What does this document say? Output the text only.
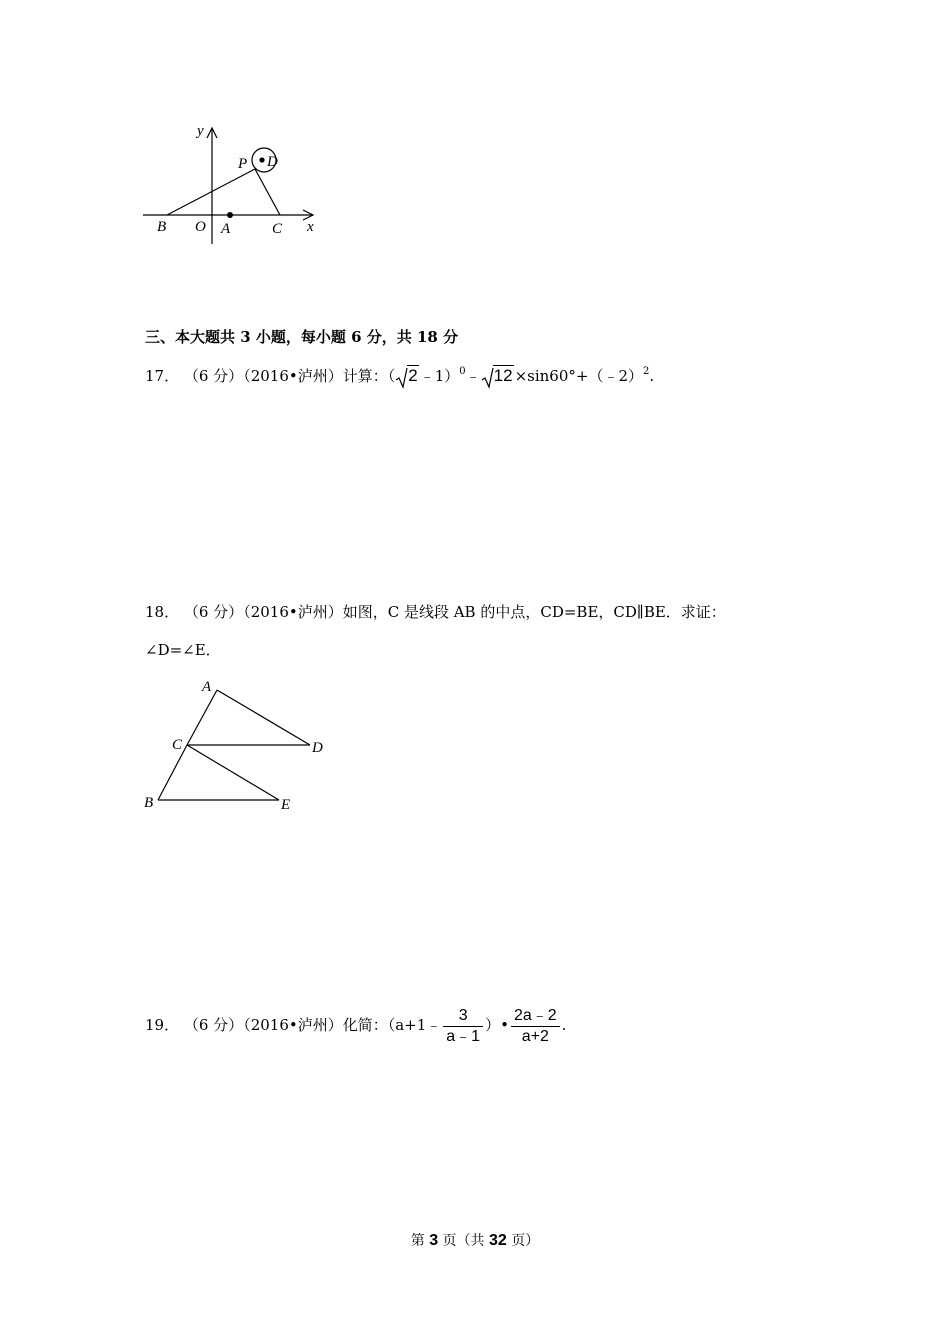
y
x
P D
B O A	C
三、本大题共 3 小题，每小题 6 分，共 18 分
17． （6 分）（2016•泸州）计算：（ 2 ﹣1）$^0$﹣ 12 ×sin60°+（﹣2）$^2$.
18． （6 分）（2016•泸州）如图，C 是线段 AB 的中点，CD=BE，CD∥BE．求证：
∠D=∠E．
A
C	D
B	E
19． （6 分）（2016•泸州）化简：（a+1﹣ $\frac{3}{a﹣1}$ ）• $\frac{2a﹣2}{a+2}$ .
第 3 页（共 32 页）
